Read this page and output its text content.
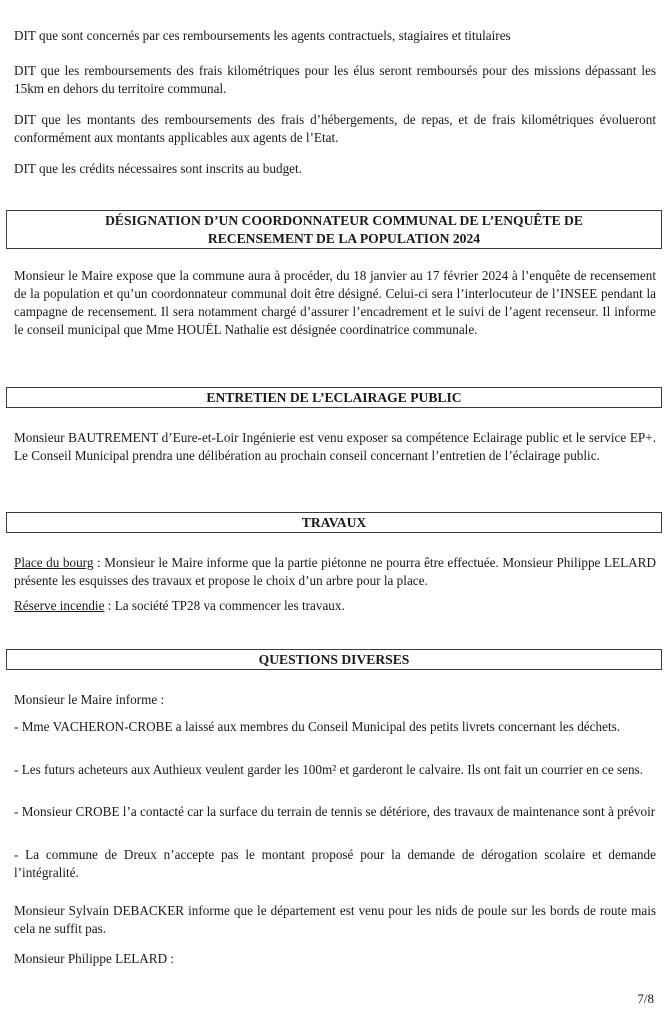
DIT que sont concernés par ces remboursements les agents contractuels, stagiaires et titulaires

DIT que les remboursements des frais kilométriques pour les élus seront remboursés pour des missions dépassant les 15km en dehors du territoire communal.

DIT que les montants des remboursements des frais d’hébergements, de repas, et de frais kilométriques évolueront conformément aux montants applicables aux agents de l’Etat.

DIT que les crédits nécessaires sont inscrits au budget.

DÉSIGNATION D’UN COORDONNATEUR COMMUNAL DE L’ENQUÊTE DE RECENSEMENT DE LA POPULATION 2024

Monsieur le Maire expose que la commune aura à procéder, du 18 janvier au 17 février 2024 à l’enquête de recensement de la population et qu’un coordonnateur communal doit être désigné. Celui-ci sera l’interlocuteur de l’INSEE pendant la campagne de recensement. Il sera notamment chargé d’assurer l’encadrement et le suivi de l’agent recenseur. Il informe le conseil municipal que Mme HOUËL Nathalie est désignée coordinatrice communale.

ENTRETIEN DE L’ECLAIRAGE PUBLIC

Monsieur BAUTREMENT d’Eure-et-Loir Ingénierie est venu exposer sa compétence Eclairage public et le service EP+. Le Conseil Municipal prendra une délibération au prochain conseil concernant l’entretien de l’éclairage public.

TRAVAUX

Place du bourg : Monsieur le Maire informe que la partie piétonne ne pourra être effectuée. Monsieur Philippe LELARD présente les esquisses des travaux et propose le choix d’un arbre pour la place.

Réserve incendie : La société TP28 va commencer les travaux.

QUESTIONS DIVERSES

Monsieur le Maire informe :

- Mme VACHERON-CROBE a laissé aux membres du Conseil Municipal des petits livrets concernant les déchets.

- Les futurs acheteurs aux Authieux veulent garder les 100m² et garderont le calvaire. Ils ont fait un courrier en ce sens.

- Monsieur CROBE l’a contacté car la surface du terrain de tennis se détériore, des travaux de maintenance sont à prévoir

- La commune de Dreux n’accepte pas le montant proposé pour la demande de dérogation scolaire et demande l’intégralité.

Monsieur Sylvain DEBACKER informe que le département est venu pour les nids de poule sur les bords de route mais cela ne suffit pas.

Monsieur Philippe LELARD :

7/8
